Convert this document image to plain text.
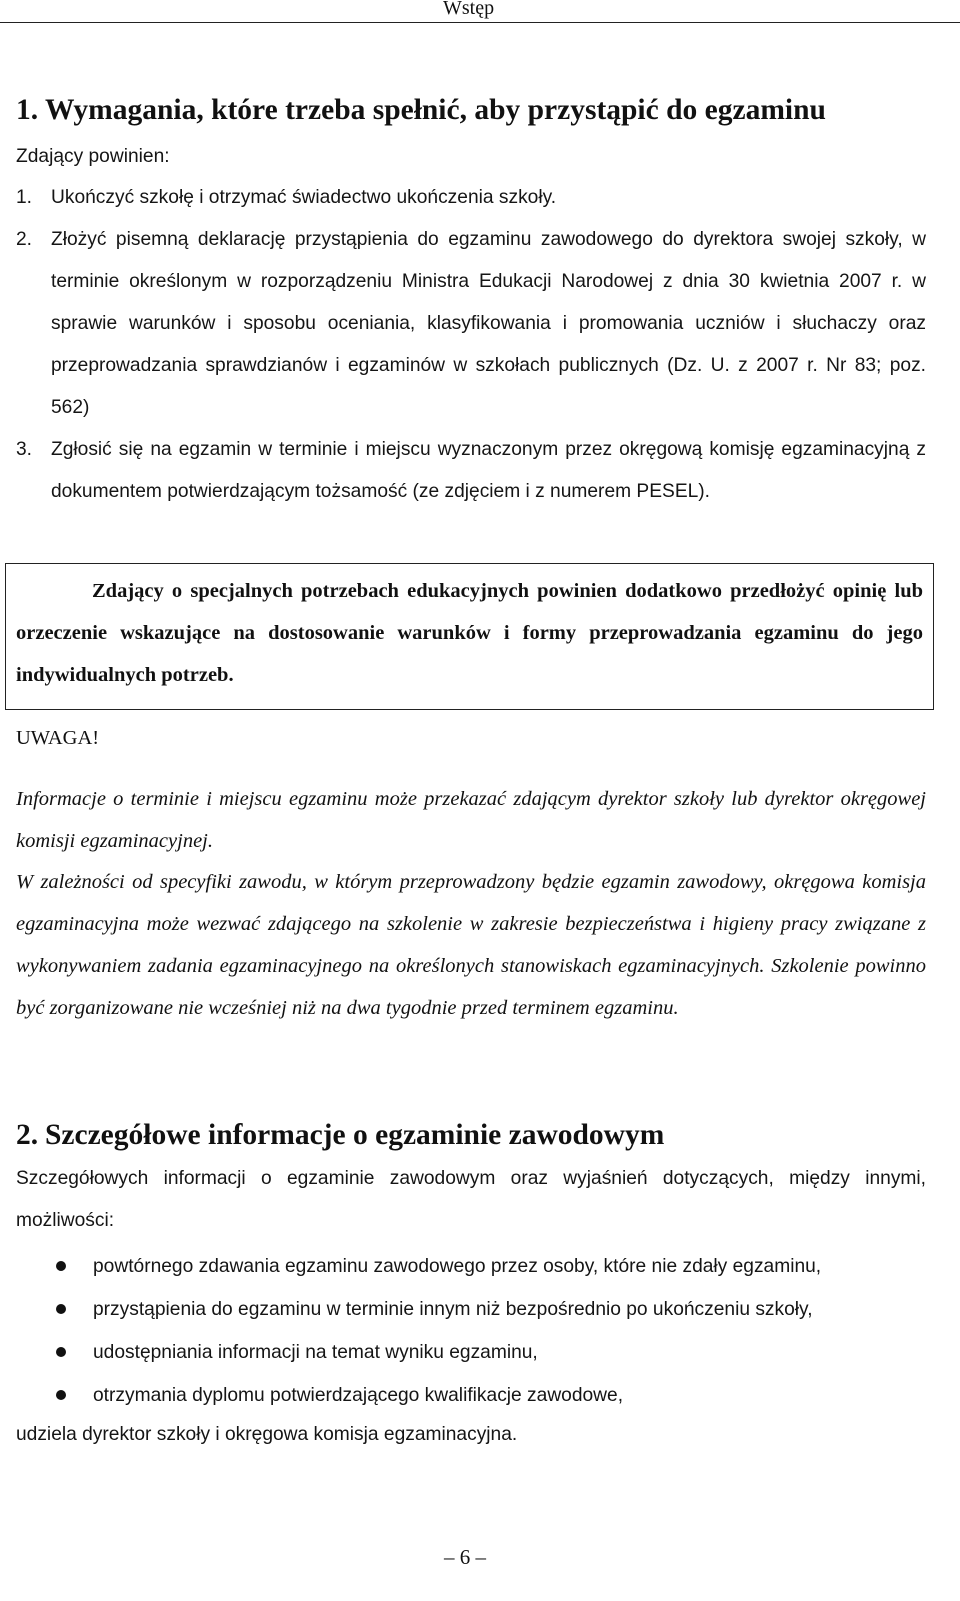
Wstęp
1. Wymagania, które trzeba spełnić, aby przystąpić do egzaminu

Zdający powinien:

1. Ukończyć szkołę i otrzymać świadectwo ukończenia szkoły.

2. Złożyć pisemną deklarację przystąpienia do egzaminu zawodowego do dyrektora swojej szkoły, w terminie określonym w rozporządzeniu Ministra Edukacji Narodowej z dnia 30 kwietnia 2007 r. w sprawie warunków i sposobu oceniania, klasyfikowania i promowania uczniów i słuchaczy oraz przeprowadzania sprawdzianów i egzaminów w szkołach publicznych (Dz. U. z 2007 r. Nr 83; poz. 562)

3. Zgłosić się na egzamin w terminie i miejscu wyznaczonym przez okręgową komisję egzaminacyjną z dokumentem potwierdzającym tożsamość (ze zdjęciem i z numerem PESEL).

Zdający o specjalnych potrzebach edukacyjnych powinien dodatkowo przedłożyć opinię lub orzeczenie wskazujące na dostosowanie warunków i formy przeprowadzania egzaminu do jego indywidualnych potrzeb.

UWAGA!

Informacje o terminie i miejscu egzaminu może przekazać zdającym dyrektor szkoły lub dyrektor okręgowej komisji egzaminacyjnej.

W zależności od specyfiki zawodu, w którym przeprowadzony będzie egzamin zawodowy, okręgowa komisja egzaminacyjna może wezwać zdającego na szkolenie w zakresie bezpieczeństwa i higieny pracy związane z wykonywaniem zadania egzaminacyjnego na określonych stanowiskach egzaminacyjnych. Szkolenie powinno być zorganizowane nie wcześniej niż na dwa tygodnie przed terminem egzaminu.

2. Szczegółowe informacje o egzaminie zawodowym

Szczegółowych informacji o egzaminie zawodowym oraz wyjaśnień dotyczących, między innymi, możliwości:

powtórnego zdawania egzaminu zawodowego przez osoby, które nie zdały egzaminu,
przystąpienia do egzaminu w terminie innym niż bezpośrednio po ukończeniu szkoły,
udostępniania informacji na temat wyniku egzaminu,
otrzymania dyplomu potwierdzającego kwalifikacje zawodowe,

udziela dyrektor szkoły i okręgowa komisja egzaminacyjna.

– 6 –
